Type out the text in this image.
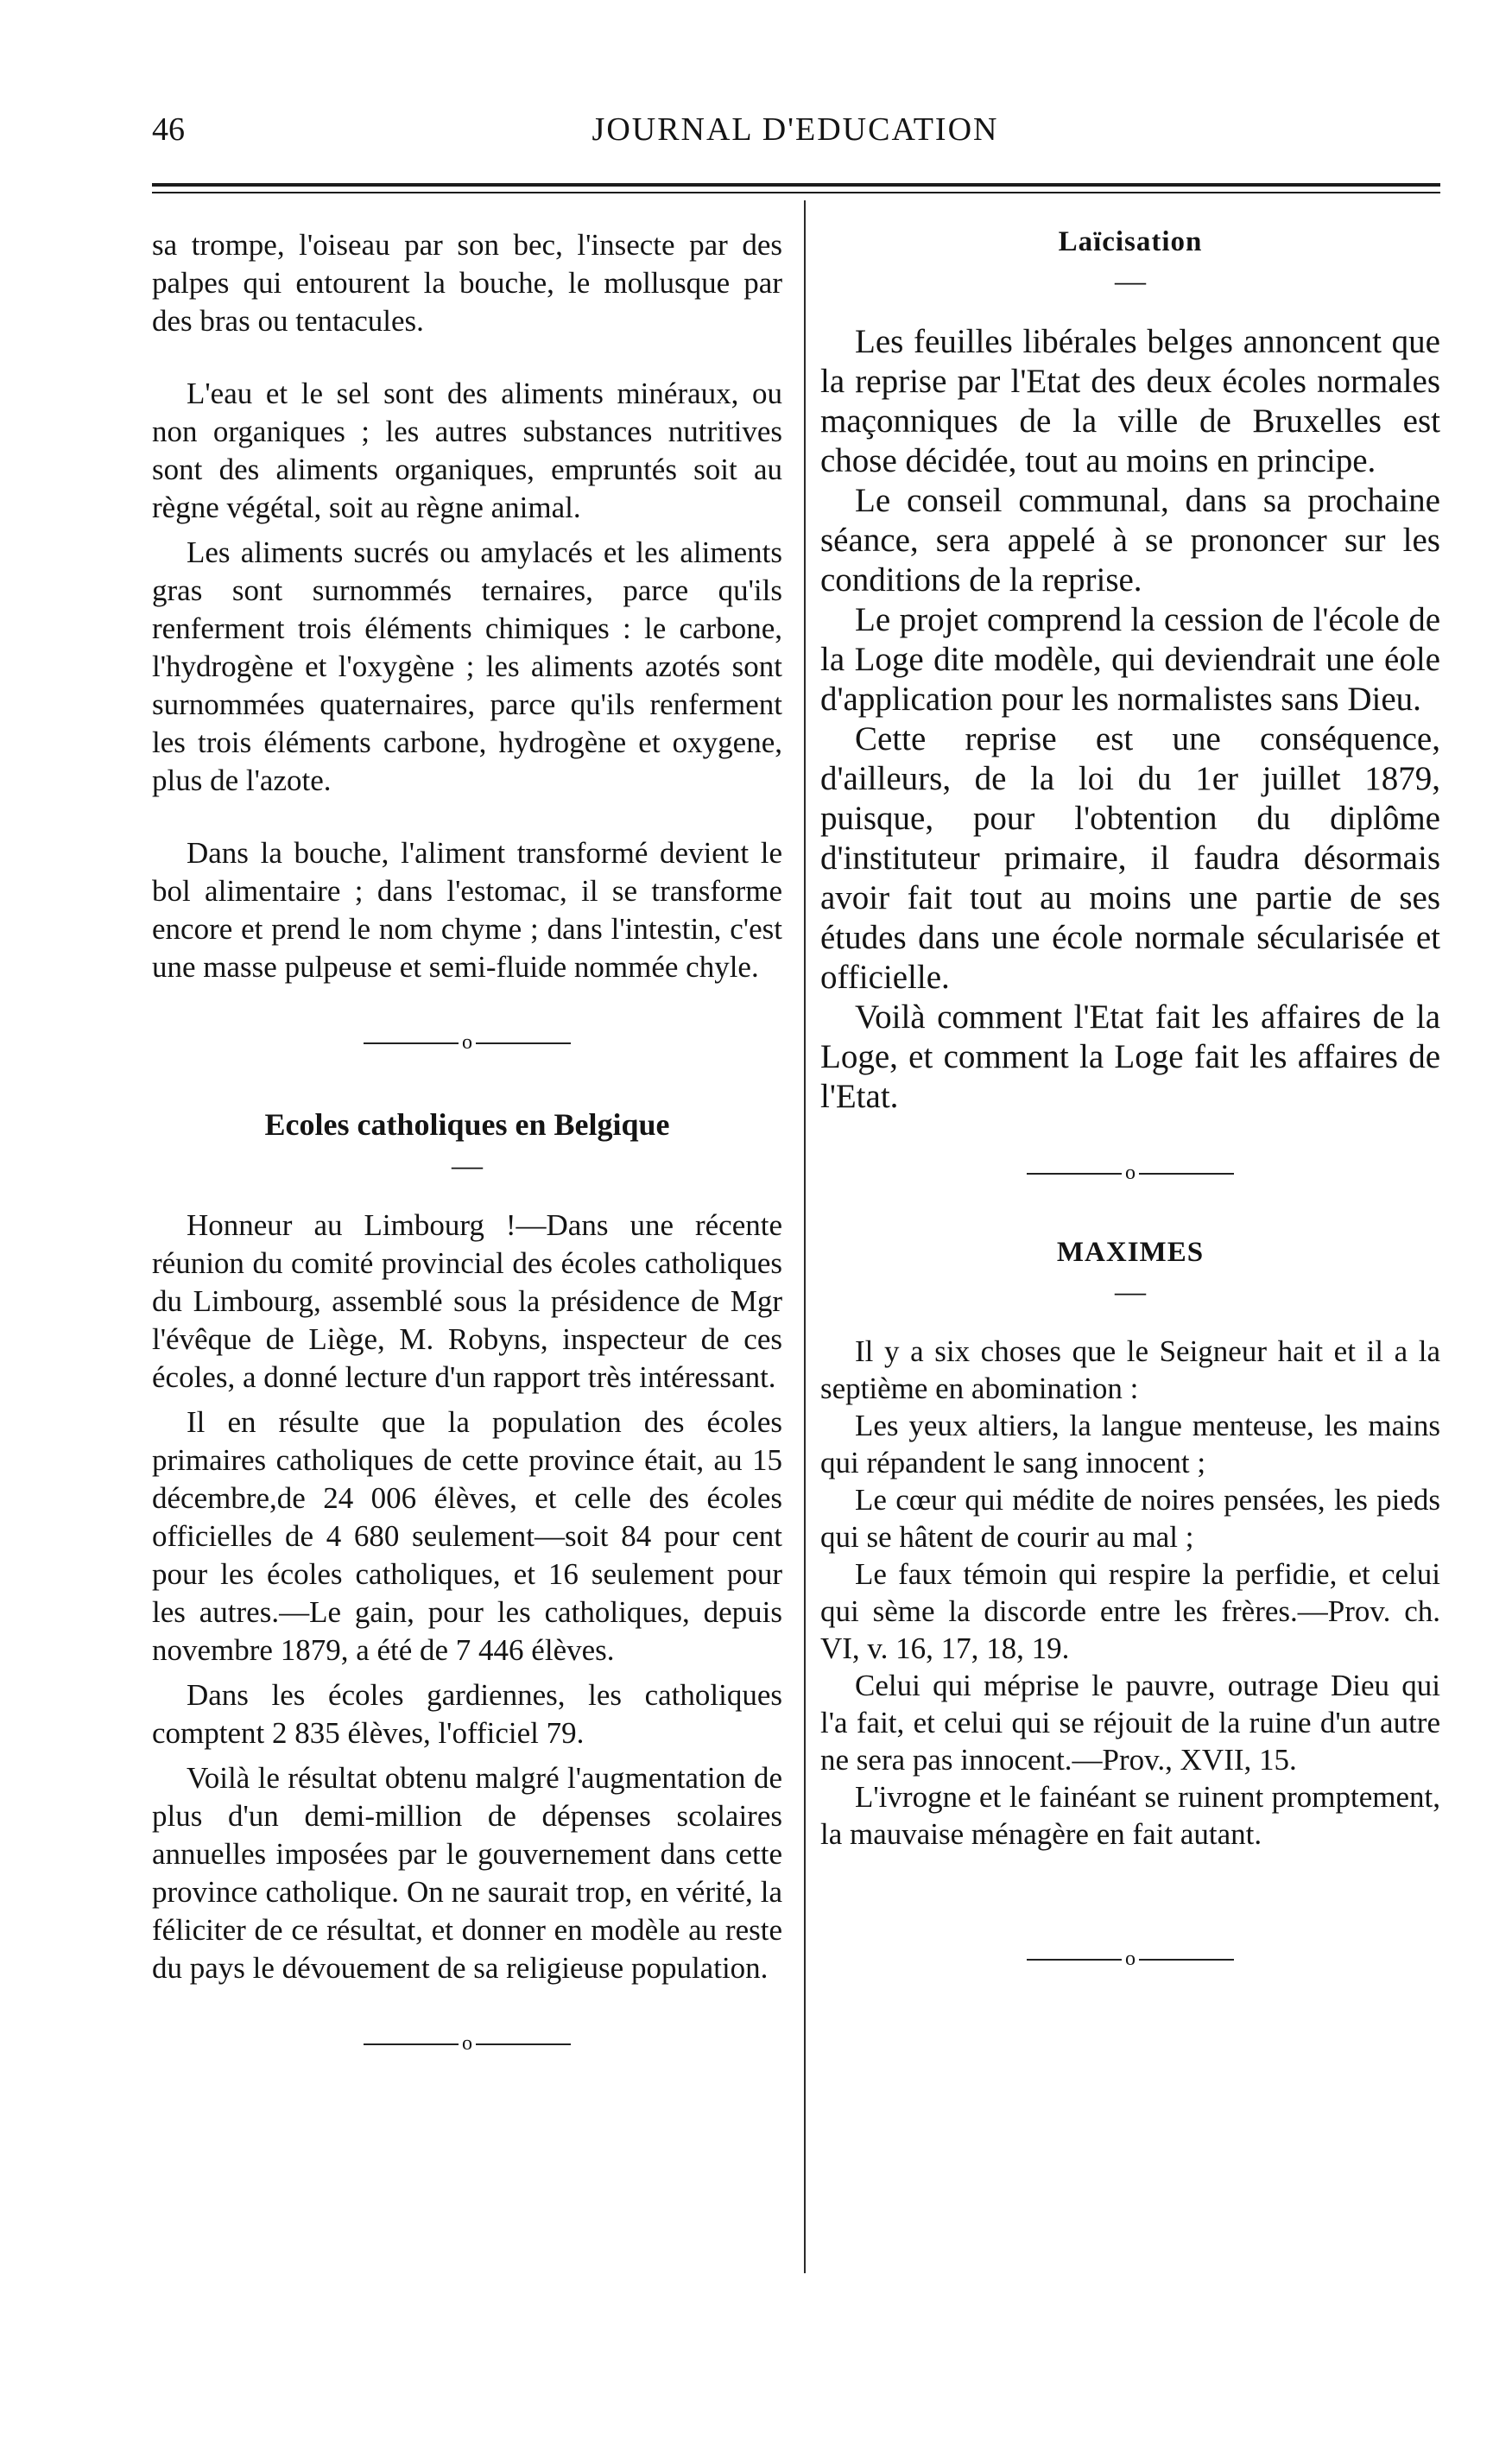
46	JOURNAL D'EDUCATION

sa trompe, l'oiseau par son bec, l'insecte par des palpes qui entourent la bouche, le mollusque par des bras ou tentacules.

L'eau et le sel sont des aliments minéraux, ou non organiques ; les autres substances nutritives sont des aliments organiques, empruntés soit au règne végétal, soit au règne animal.

Les aliments sucrés ou amylacés et les aliments gras sont surnommés ternaires, parce qu'ils renferment trois éléments chimiques : le carbone, l'hydrogène et l'oxygène ; les aliments azotés sont surnommées quaternaires, parce qu'ils renferment les trois éléments carbone, hydrogène et oxygene, plus de l'azote.

Dans la bouche, l'aliment transformé devient le bol alimentaire ; dans l'estomac, il se transforme encore et prend le nom chyme ; dans l'intestin, c'est une masse pulpeuse et semi-fluide nommée chyle.

o
Ecoles catholiques en Belgique
—

Honneur au Limbourg !—Dans une récente réunion du comité provincial des écoles catholiques du Limbourg, assemblé sous la présidence de Mgr l'évêque de Liège, M. Robyns, inspecteur de ces écoles, a donné lecture d'un rapport très intéressant.

Il en résulte que la population des écoles primaires catholiques de cette province était, au 15 décembre,de 24 006 élèves, et celle des écoles officielles de 4 680 seulement—soit 84 pour cent pour les écoles catholiques, et 16 seulement pour les autres.—Le gain, pour les catholiques, depuis novembre 1879, a été de 7 446 élèves.

Dans les écoles gardiennes, les catholiques comptent 2 835 élèves, l'officiel 79.

Voilà le résultat obtenu malgré l'augmentation de plus d'un demi-million de dépenses scolaires annuelles imposées par le gouvernement dans cette province catholique. On ne saurait trop, en vérité, la féliciter de ce résultat, et donner en modèle au reste du pays le dévouement de sa religieuse population.

o
Laïcisation
—

Les feuilles libérales belges annoncent que la reprise par l'Etat des deux écoles normales maçonniques de la ville de Bruxelles est chose décidée, tout au moins en principe.

Le conseil communal, dans sa prochaine séance, sera appelé à se prononcer sur les conditions de la reprise.

Le projet comprend la cession de l'école de la Loge dite modèle, qui deviendrait une éole d'application pour les normalistes sans Dieu.

Cette reprise est une conséquence, d'ailleurs, de la loi du 1er juillet 1879, puisque, pour l'obtention du diplôme d'instituteur primaire, il faudra désormais avoir fait tout au moins une partie de ses études dans une école normale sécularisée et officielle.

Voilà comment l'Etat fait les affaires de la Loge, et comment la Loge fait les affaires de l'Etat.

o
MAXIMES
—

Il y a six choses que le Seigneur hait et il a la septième en abomination :

Les yeux altiers, la langue menteuse, les mains qui répandent le sang innocent ;

Le cœur qui médite de noires pensées, les pieds qui se hâtent de courir au mal ;

Le faux témoin qui respire la perfidie, et celui qui sème la discorde entre les frères.—Prov. ch. VI, v. 16, 17, 18, 19.

Celui qui méprise le pauvre, outrage Dieu qui l'a fait, et celui qui se réjouit de la ruine d'un autre ne sera pas innocent.—Prov., XVII, 15.

L'ivrogne et le fainéant se ruinent promptement, la mauvaise ménagère en fait autant.

o
